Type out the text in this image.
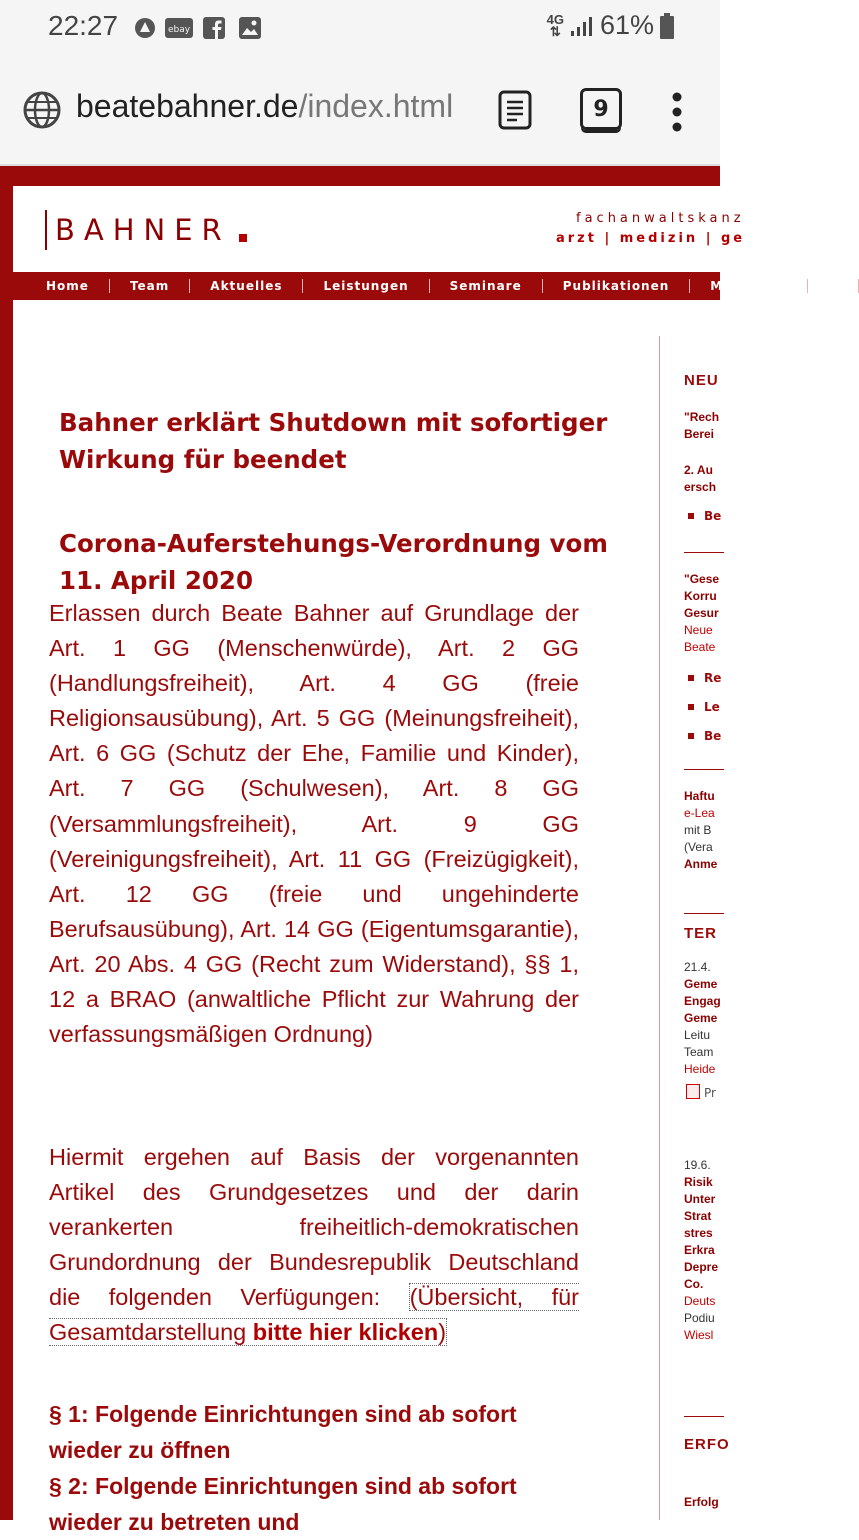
22:27	ebay
4G
⇅ 61%
beatebahner.de/index.html	9
BAHNER	fachanwaltskanz
arzt | medizin | ge
Home	Team	Aktuelles	Leistungen	Seminare	Publikationen	Mediation	P
Bahner erklärt Shutdown mit sofortiger Wirkung für beendet
Corona-Auferstehungs-Verordnung vom 11. April 2020
Erlassen durch Beate Bahner auf Grundlage der Art. 1 GG (Menschenwürde), Art. 2 GG (Handlungsfreiheit), Art. 4 GG (freie Religionsausübung), Art. 5 GG (Meinungsfreiheit), Art. 6 GG (Schutz der Ehe, Familie und Kinder), Art. 7 GG (Schulwesen), Art. 8 GG (Versammlungsfreiheit), Art. 9 GG (Vereinigungsfreiheit), Art. 11 GG (Freizügigkeit), Art. 12 GG (freie und ungehinderte Berufsausübung), Art. 14 GG (Eigentumsgarantie), Art. 20 Abs. 4 GG (Recht zum Widerstand), §§ 1, 12 a BRAO (anwaltliche Pflicht zur Wahrung der verfassungsmäßigen Ordnung)
Hiermit ergehen auf Basis der vorgenannten Artikel des Grundgesetzes und der darin verankerten freiheitlich-demokratischen Grundordnung der Bundesrepublik Deutschland die folgenden Verfügungen: (Übersicht, für Gesamtdarstellung bitte hier klicken)
§ 1: Folgende Einrichtungen sind ab sofort wieder zu öffnen
§ 2: Folgende Einrichtungen sind ab sofort wieder zu betreten und
NEU
"Rech
Berei
2. Au
ersch
Be
"Gese
Korru
Gesur
Neue
Beate
Re
Le
Be
Haftu
e-Lea
mit B
(Vera
Anme
TER
21.4.
Geme
Engag
Geme
Leitu
Team
Heide
Pr
19.6.
Risik
Unter
Strat
stres
Erkra
Depre
Co.
Deuts
Podiu
Wiesl
ERFO
Erfolg
